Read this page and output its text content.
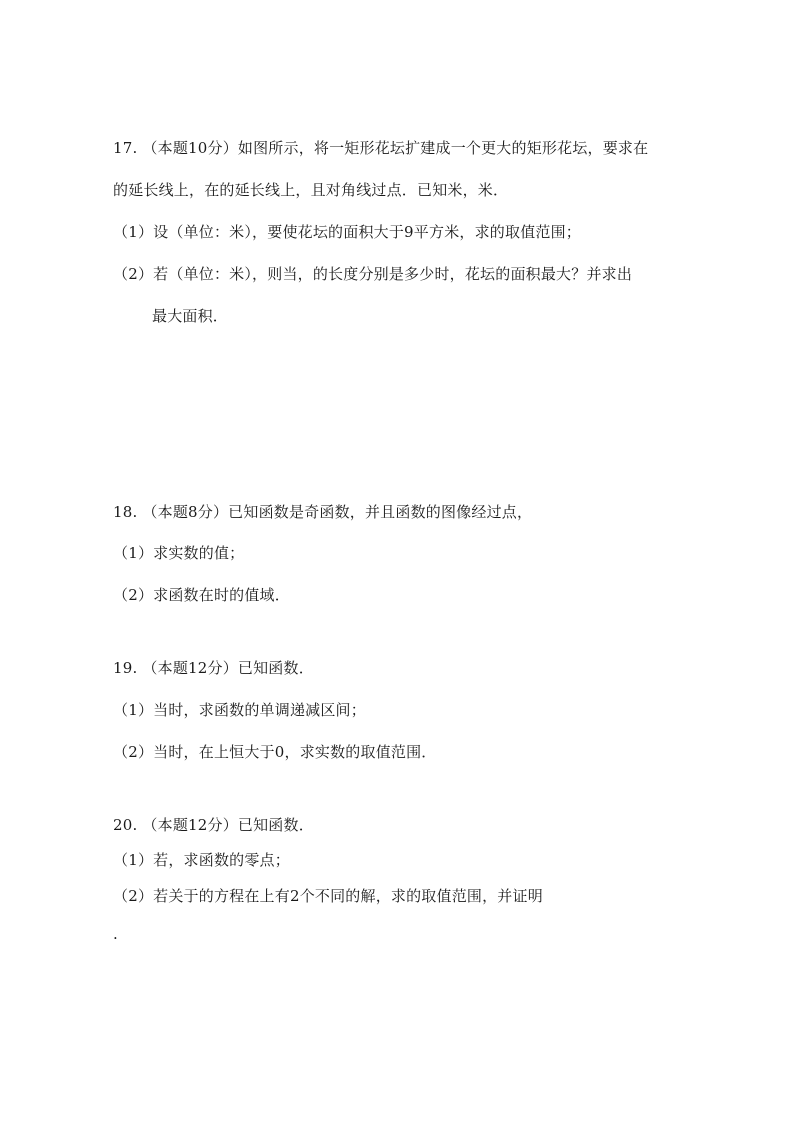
17. （本题10分）如图所示，将一矩形花坛扩建成一个更大的矩形花坛，要求在
的延长线上，在的延长线上，且对角线过点．已知米，米．
（1）设（单位：米），要使花坛的面积大于9平方米，求的取值范围；
（2）若（单位：米），则当，的长度分别是多少时，花坛的面积最大？并求出
最大面积．
18. （本题8分）已知函数是奇函数，并且函数的图像经过点，
（1）求实数的值；
（2）求函数在时的值域．
19. （本题12分）已知函数．
（1）当时，求函数的单调递减区间；
（2）当时，在上恒大于0，求实数的取值范围．
20. （本题12分）已知函数．
（1）若，求函数的零点；
（2）若关于的方程在上有2个不同的解，求的取值范围，并证明
.
